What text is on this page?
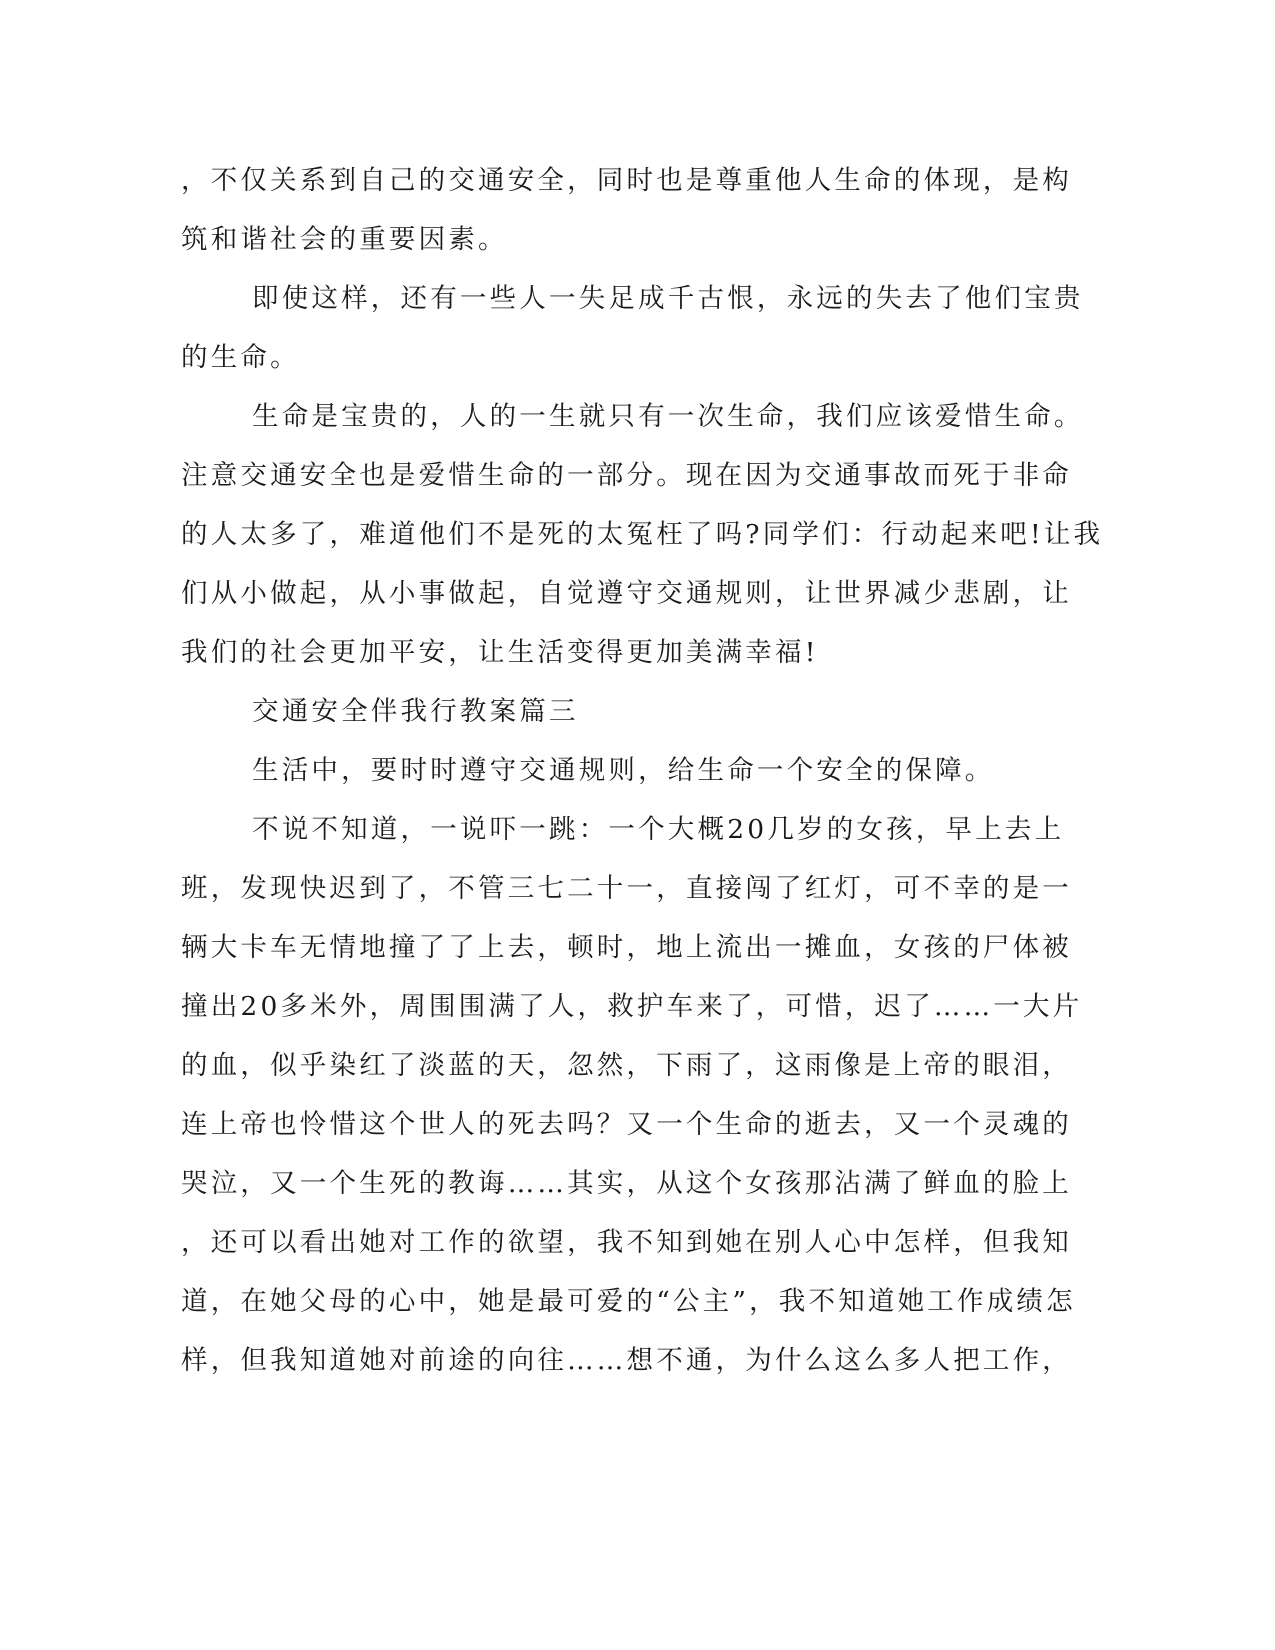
，不仅关系到自己的交通安全，同时也是尊重他人生命的体现，是构
筑和谐社会的重要因素。
即使这样，还有一些人一失足成千古恨，永远的失去了他们宝贵
的生命。
生命是宝贵的，人的一生就只有一次生命，我们应该爱惜生命。
注意交通安全也是爱惜生命的一部分。现在因为交通事故而死于非命
的人太多了，难道他们不是死的太冤枉了吗?同学们：行动起来吧!让我
们从小做起，从小事做起，自觉遵守交通规则，让世界减少悲剧，让
我们的社会更加平安，让生活变得更加美满幸福!
交通安全伴我行教案篇三
生活中，要时时遵守交通规则，给生命一个安全的保障。
不说不知道，一说吓一跳：一个大概20几岁的女孩，早上去上
班，发现快迟到了，不管三七二十一，直接闯了红灯，可不幸的是一
辆大卡车无情地撞了了上去，顿时，地上流出一摊血，女孩的尸体被
撞出20多米外，周围围满了人，救护车来了，可惜，迟了……一大片
的血，似乎染红了淡蓝的天，忽然，下雨了，这雨像是上帝的眼泪，
连上帝也怜惜这个世人的死去吗？又一个生命的逝去，又一个灵魂的
哭泣，又一个生死的教诲……其实，从这个女孩那沾满了鲜血的脸上
，还可以看出她对工作的欲望，我不知到她在别人心中怎样，但我知
道，在她父母的心中，她是最可爱的“公主”，我不知道她工作成绩怎
样，但我知道她对前途的向往……想不通，为什么这么多人把工作，
